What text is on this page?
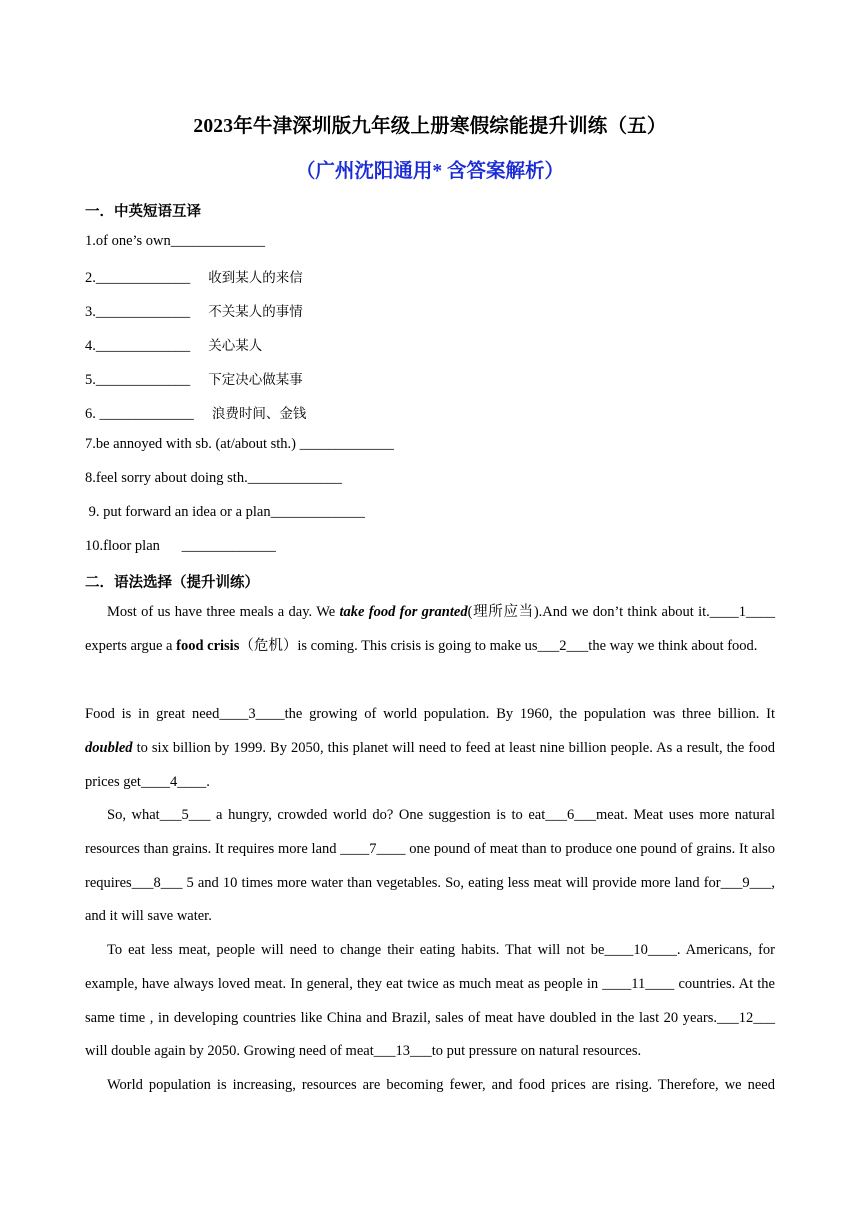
2023年牛津深圳版九年级上册寒假综能提升训练（五）
（广州沈阳通用* 含答案解析）
一．中英短语互译
1.of one’s own_____________
2._____________ 收到某人的来信
3._____________ 不关某人的事情
4._____________ 关心某人
5._____________ 下定决心做某事
6. _____________ 浪费时间、金钱
7.be annoyed with sb. (at/about sth.) _____________
8.feel sorry about doing sth._____________
9. put forward an idea or a plan_____________
10.floor plan      _____________
二．语法选择（提升训练）
Most of us have three meals a day. We take food for granted(理所应当).And we don’t think about it.____1____ experts argue a food crisis（危机）is coming. This crisis is going to make us___2___the way we think about food.
Food is in great need____3____the growing of world population. By 1960, the population was three billion. It doubled to six billion by 1999. By 2050, this planet will need to feed at least nine billion people. As a result, the food prices get____4____.
So, what___5___ a hungry, crowded world do? One suggestion is to eat___6___meat. Meat uses more natural resources than grains. It requires more land ____7____ one pound of meat than to produce one pound of grains. It also requires___8___ 5 and 10 times more water than vegetables. So, eating less meat will provide more land for___9___, and it will save water.
To eat less meat, people will need to change their eating habits. That will not be____10____. Americans, for example, have always loved meat. In general, they eat twice as much meat as people in ____11____ countries. At the same time , in developing countries like China and Brazil, sales of meat have doubled in the last 20 years.___12___ will double again by 2050. Growing need of meat___13___to put pressure on natural resources.
World population is increasing, resources are becoming fewer, and food prices are rising. Therefore, we need
